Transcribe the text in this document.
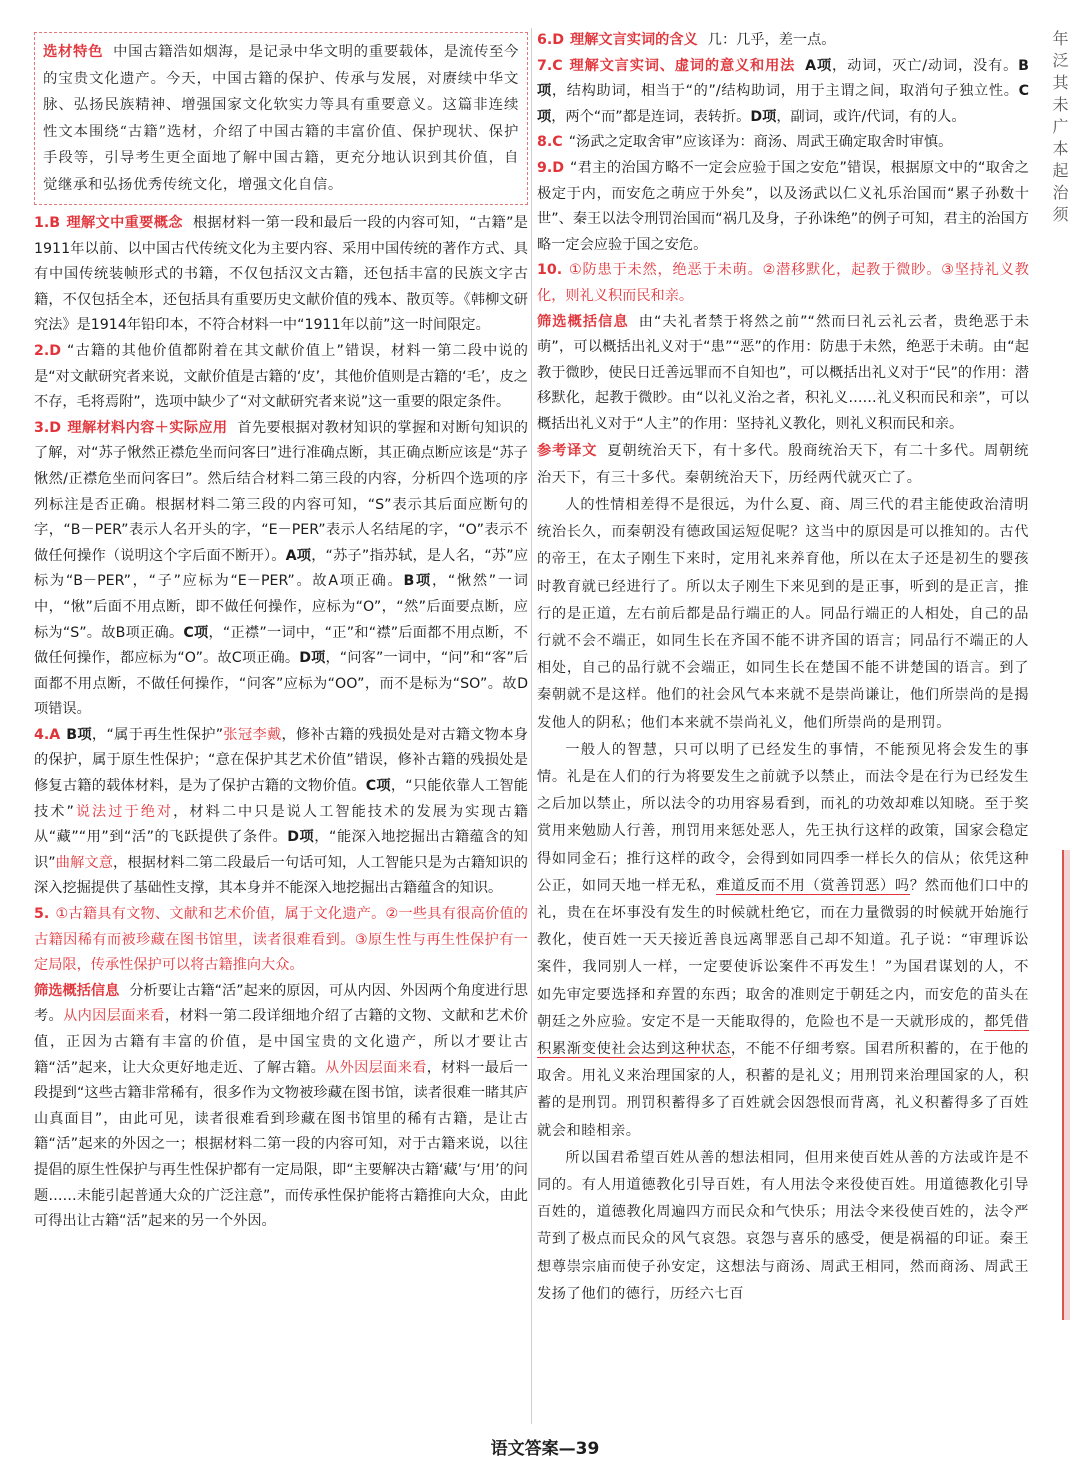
选材特色 中国古籍浩如烟海，是记录中华文明的重要载体，是流传至今的宝贵文化遗产。今天，中国古籍的保护、传承与发展，对赓续中华文脉、弘扬民族精神、增强国家文化软实力等具有重要意义。这篇非连续性文本围绕“古籍”选材，介绍了中国古籍的丰富价值、保护现状、保护手段等，引导考生更全面地了解中国古籍，更充分地认识到其价值，自觉继承和弘扬优秀传统文化，增强文化自信。

1.B 理解文中重要概念 根据材料一第一段和最后一段的内容可知，“古籍”是1911年以前、以中国古代传统文化为主要内容、采用中国传统的著作方式、具有中国传统装帧形式的书籍，不仅包括汉文古籍，还包括丰富的民族文字古籍，不仅包括全本，还包括具有重要历史文献价值的残本、散页等。《韩柳文研究法》是1914年铅印本，不符合材料一中“1911年以前”这一时间限定。

2.D “古籍的其他价值都附着在其文献价值上”错误，材料一第二段中说的是“对文献研究者来说，文献价值是古籍的‘皮’，其他价值则是古籍的‘毛’，皮之不存，毛将焉附”，选项中缺少了“对文献研究者来说”这一重要的限定条件。

3.D 理解材料内容＋实际应用 首先要根据对教材知识的掌握和对断句知识的了解，对“苏子愀然正襟危坐而问客曰”进行准确点断，其正确点断应该是“苏子愀然/正襟危坐而问客曰”。然后结合材料二第三段的内容，分析四个选项的序列标注是否正确。根据材料二第三段的内容可知，“S”表示其后面应断句的字，“B－PER”表示人名开头的字，“E－PER”表示人名结尾的字，“O”表示不做任何操作（说明这个字后面不断开）。A项，“苏子”指苏轼，是人名，“苏”应标为“B－PER”，“子”应标为“E－PER”。故A项正确。B项，“愀然”一词中，“愀”后面不用点断，即不做任何操作，应标为“O”，“然”后面要点断，应标为“S”。故B项正确。C项，“正襟”一词中，“正”和“襟”后面都不用点断，不做任何操作，都应标为“O”。故C项正确。D项，“问客”一词中，“问”和“客”后面都不用点断，不做任何操作，“问客”应标为“OO”，而不是标为“SO”。故D项错误。

4.A B项，“属于再生性保护”张冠李戴，修补古籍的残损处是对古籍文物本身的保护，属于原生性保护；“意在保护其艺术价值”错误，修补古籍的残损处是修复古籍的载体材料，是为了保护古籍的文物价值。C项，“只能依靠人工智能技术”说法过于绝对，材料二中只是说人工智能技术的发展为实现古籍从“藏”“用”到“活”的飞跃提供了条件。D项，“能深入地挖掘出古籍蕴含的知识”曲解文意，根据材料二第二段最后一句话可知，人工智能只是为古籍知识的深入挖掘提供了基础性支撑，其本身并不能深入地挖掘出古籍蕴含的知识。

5. ①古籍具有文物、文献和艺术价值，属于文化遗产。②一些具有很高价值的古籍因稀有而被珍藏在图书馆里，读者很难看到。③原生性与再生性保护有一定局限，传承性保护可以将古籍推向大众。

筛选概括信息 分析要让古籍“活”起来的原因，可从内因、外因两个角度进行思考。从内因层面来看，材料一第二段详细地介绍了古籍的文物、文献和艺术价值，正因为古籍有丰富的价值，是中国宝贵的文化遗产，所以才要让古籍“活”起来，让大众更好地走近、了解古籍。从外因层面来看，材料一最后一段提到“这些古籍非常稀有，很多作为文物被珍藏在图书馆，读者很难一睹其庐山真面目”，由此可见，读者很难看到珍藏在图书馆里的稀有古籍，是让古籍“活”起来的外因之一；根据材料二第一段的内容可知，对于古籍来说，以往提倡的原生性保护与再生性保护都有一定局限，即“主要解决古籍‘藏’与‘用’的问题……未能引起普通大众的广泛注意”，而传承性保护能将古籍推向大众，由此可得出让古籍“活”起来的另一个外因。

6.D 理解文言实词的含义 几：几乎，差一点。

7.C 理解文言实词、虚词的意义和用法 A项，动词，灭亡/动词，没有。B项，结构助词，相当于“的”/结构助词，用于主谓之间，取消句子独立性。C项，两个“而”都是连词，表转折。D项，副词，或许/代词，有的人。

8.C “汤武之定取舍审”应该译为：商汤、周武王确定取舍时审慎。

9.D “君主的治国方略不一定会应验于国之安危”错误，根据原文中的“取舍之极定于内，而安危之萌应于外矣”，以及汤武以仁义礼乐治国而“累子孙数十世”、秦王以法令刑罚治国而“祸几及身，子孙诛绝”的例子可知，君主的治国方略一定会应验于国之安危。

10. ①防患于未然，绝恶于未萌。②潜移默化，起教于微眇。③坚持礼义教化，则礼义积而民和亲。

筛选概括信息 由“夫礼者禁于将然之前”“然而曰礼云礼云者，贵绝恶于未萌”，可以概括出礼义对于“患”“恶”的作用：防患于未然，绝恶于未萌。由“起教于微眇，使民日迁善远罪而不自知也”，可以概括出礼义对于“民”的作用：潜移默化，起教于微眇。由“以礼义治之者，积礼义……礼义积而民和亲”，可以概括出礼义对于“人主”的作用：坚持礼义教化，则礼义积而民和亲。

参考译文 夏朝统治天下，有十多代。殷商统治天下，有二十多代。周朝统治天下，有三十多代。秦朝统治天下，历经两代就灭亡了。

人的性情相差得不是很远，为什么夏、商、周三代的君主能使政治清明统治长久，而秦朝没有德政国运短促呢？这当中的原因是可以推知的。古代的帝王，在太子刚生下来时，定用礼来养育他，所以在太子还是初生的婴孩时教育就已经进行了。所以太子刚生下来见到的是正事，听到的是正言，推行的是正道，左右前后都是品行端正的人。同品行端正的人相处，自己的品行就不会不端正，如同生长在齐国不能不讲齐国的语言；同品行不端正的人相处，自己的品行就不会端正，如同生长在楚国不能不讲楚国的语言。到了秦朝就不是这样。他们的社会风气本来就不是崇尚谦让，他们所崇尚的是揭发他人的阴私；他们本来就不崇尚礼义，他们所崇尚的是刑罚。

一般人的智慧，只可以明了已经发生的事情，不能预见将会发生的事情。礼是在人们的行为将要发生之前就予以禁止，而法令是在行为已经发生之后加以禁止，所以法令的功用容易看到，而礼的功效却难以知晓。至于奖赏用来勉励人行善，刑罚用来惩处恶人，先王执行这样的政策，国家会稳定得如同金石；推行这样的政令，会得到如同四季一样长久的信从；依凭这种公正，如同天地一样无私，难道反而不用（赏善罚恶）吗？然而他们口中的礼，贵在在坏事没有发生的时候就杜绝它，而在力量微弱的时候就开始施行教化，使百姓一天天接近善良远离罪恶自己却不知道。孔子说：“审理诉讼案件，我同别人一样，一定要使诉讼案件不再发生！”为国君谋划的人，不如先审定要选择和弃置的东西；取舍的准则定于朝廷之内，而安危的苗头在朝廷之外应验。安定不是一天能取得的，危险也不是一天就形成的，都凭借积累渐变使社会达到这种状态，不能不仔细考察。国君所积蓄的，在于他的取舍。用礼义来治理国家的人，积蓄的是礼义；用刑罚来治理国家的人，积蓄的是刑罚。刑罚积蓄得多了百姓就会因怨恨而背离，礼义积蓄得多了百姓就会和睦相亲。

所以国君希望百姓从善的想法相同，但用来使百姓从善的方法或许是不同的。有人用道德教化引导百姓，有人用法令来役使百姓。用道德教化引导百姓的，道德教化周遍四方而民众和气快乐；用法令来役使百姓的，法令严苛到了极点而民众的风气哀怨。哀怨与喜乐的感受，便是祸福的印证。秦王想尊崇宗庙而使子孙安定，这想法与商汤、周武王相同，然而商汤、周武王发扬了他们的德行，历经六七百

年泛其未广本起治须
语文答案—39
